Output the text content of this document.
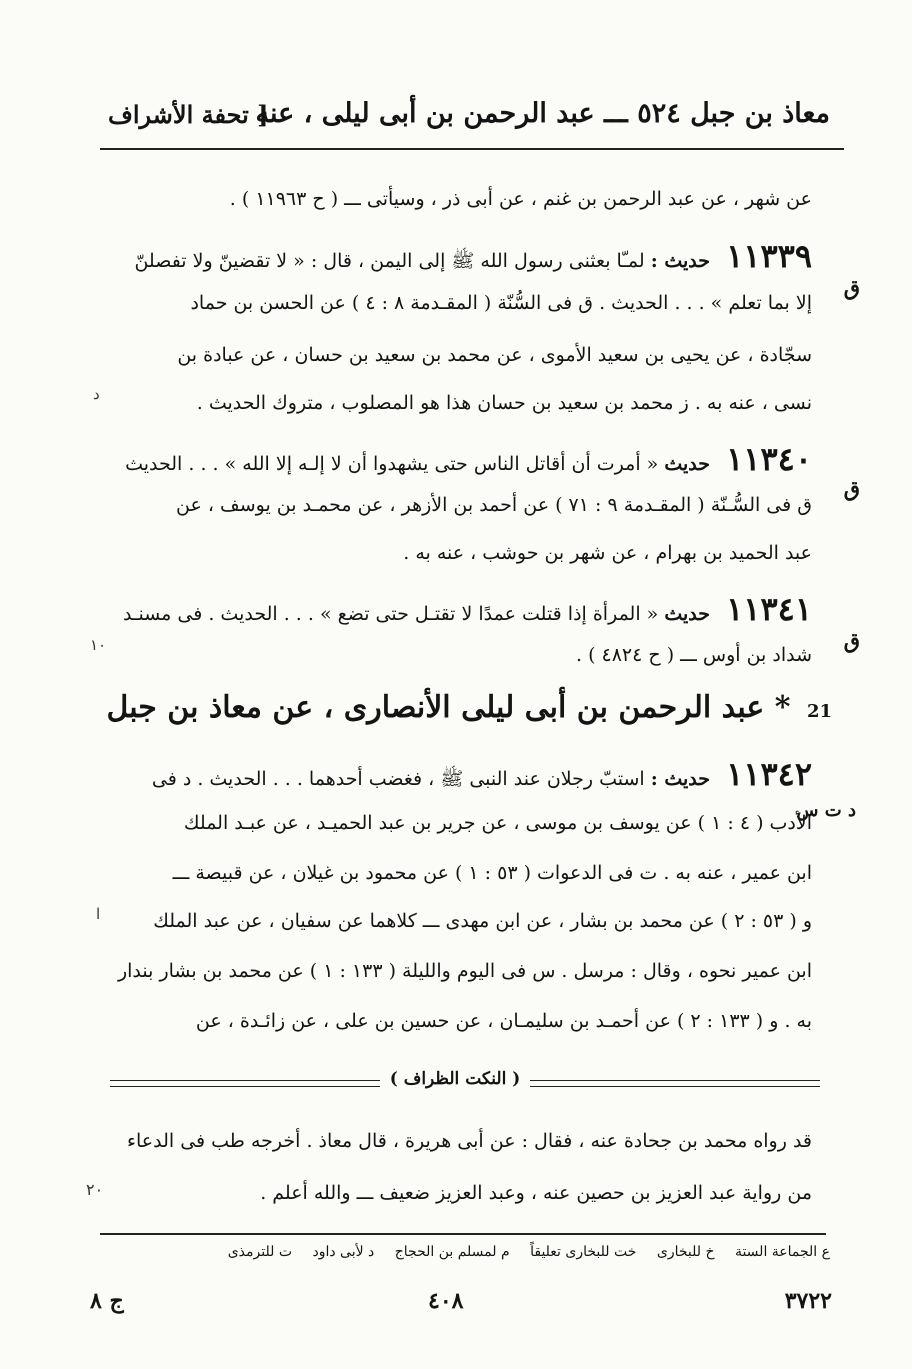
معاذ بن جبل ٥٢٤ ـــ عبد الرحمن بن أبى ليلى ، عنه
[ تحفة الأشراف
عن شهر ، عن عبد الرحمن بن غنم ، عن أبى ذر ، وسيأتى ـــ ( ح ١١٩٦٣ ) .
١١٣٣٩ حديث : لمـّا بعثنى رسول الله ﷺ إلى اليمن ، قال : « لا تقضينّ ولا تفصلنّ
إلا بما تعلم » . . . الحديث . ق فى السُّنّة ( المقـدمة ٨ : ٤ ) عن الحسن بن حماد
سجّادة ، عن يحيى بن سعيد الأموى ، عن محمد بن سعيد بن حسان ، عن عبادة بن
نسى ، عنه به . ز محمد بن سعيد بن حسان هذا هو المصلوب ، متروك الحديث .
١١٣٤٠ حديث « أمرت أن أقاتل الناس حتى يشهدوا أن لا إلـه إلا الله » . . . الحديث
ق فى السُّـنّة ( المقـدمة ٩ : ٧١ ) عن أحمد بن الأزهر ، عن محمـد بن يوسف ، عن
عبد الحميد بن بهرام ، عن شهر بن حوشب ، عنه به .
١١٣٤١ حديث « المرأة إذا قتلت عمدًا لا تقتـل حتى تضع » . . . الحديث . فى مسنـد
شداد بن أوس ـــ ( ح ٤٨٢٤ ) .
21 * عبد الرحمن بن أبى ليلى الأنصارى ، عن معاذ بن جبل
١١٣٤٢ حديث : استبّ رجلان عند النبى ﷺ ، فغضب أحدهما . . . الحديث . د فى
الأدب ( ٤ : ١ ) عن يوسف بن موسى ، عن جرير بن عبد الحميـد ، عن عبـد الملك
ابن عمير ، عنه به . ت فى الدعوات ( ٥٣ : ١ ) عن محمود بن غيلان ، عن قبيصة ـــ
و ( ٥٣ : ٢ ) عن محمد بن بشار ، عن ابن مهدى ـــ كلاهما عن سفيان ، عن عبد الملك
ابن عمير نحوه ، وقال : مرسل . س فى اليوم والليلة ( ١٣٣ : ١ ) عن محمد بن بشار بندار
به . و ( ١٣٣ : ٢ ) عن أحمـد بن سليمـان ، عن حسين بن على ، عن زائـدة ، عن
ق
ق
ق
د ت س
د
١٠
ا
٢٠
( النكت الظراف )
قد رواه محمد بن جحادة عنه ، فقال : عن أبى هريرة ، قال معاذ . أخرجه طب فى الدعاء
من رواية عبد العزيز بن حصين عنه ، وعبد العزيز ضعيف ـــ والله أعلم .
ع الجماعة الستة خ للبخارى خت للبخارى تعليقاً م لمسلم بن الحجاج د لأبى داود ت للترمذى
ج ٨	٤٠٨	٣٧٢٢
